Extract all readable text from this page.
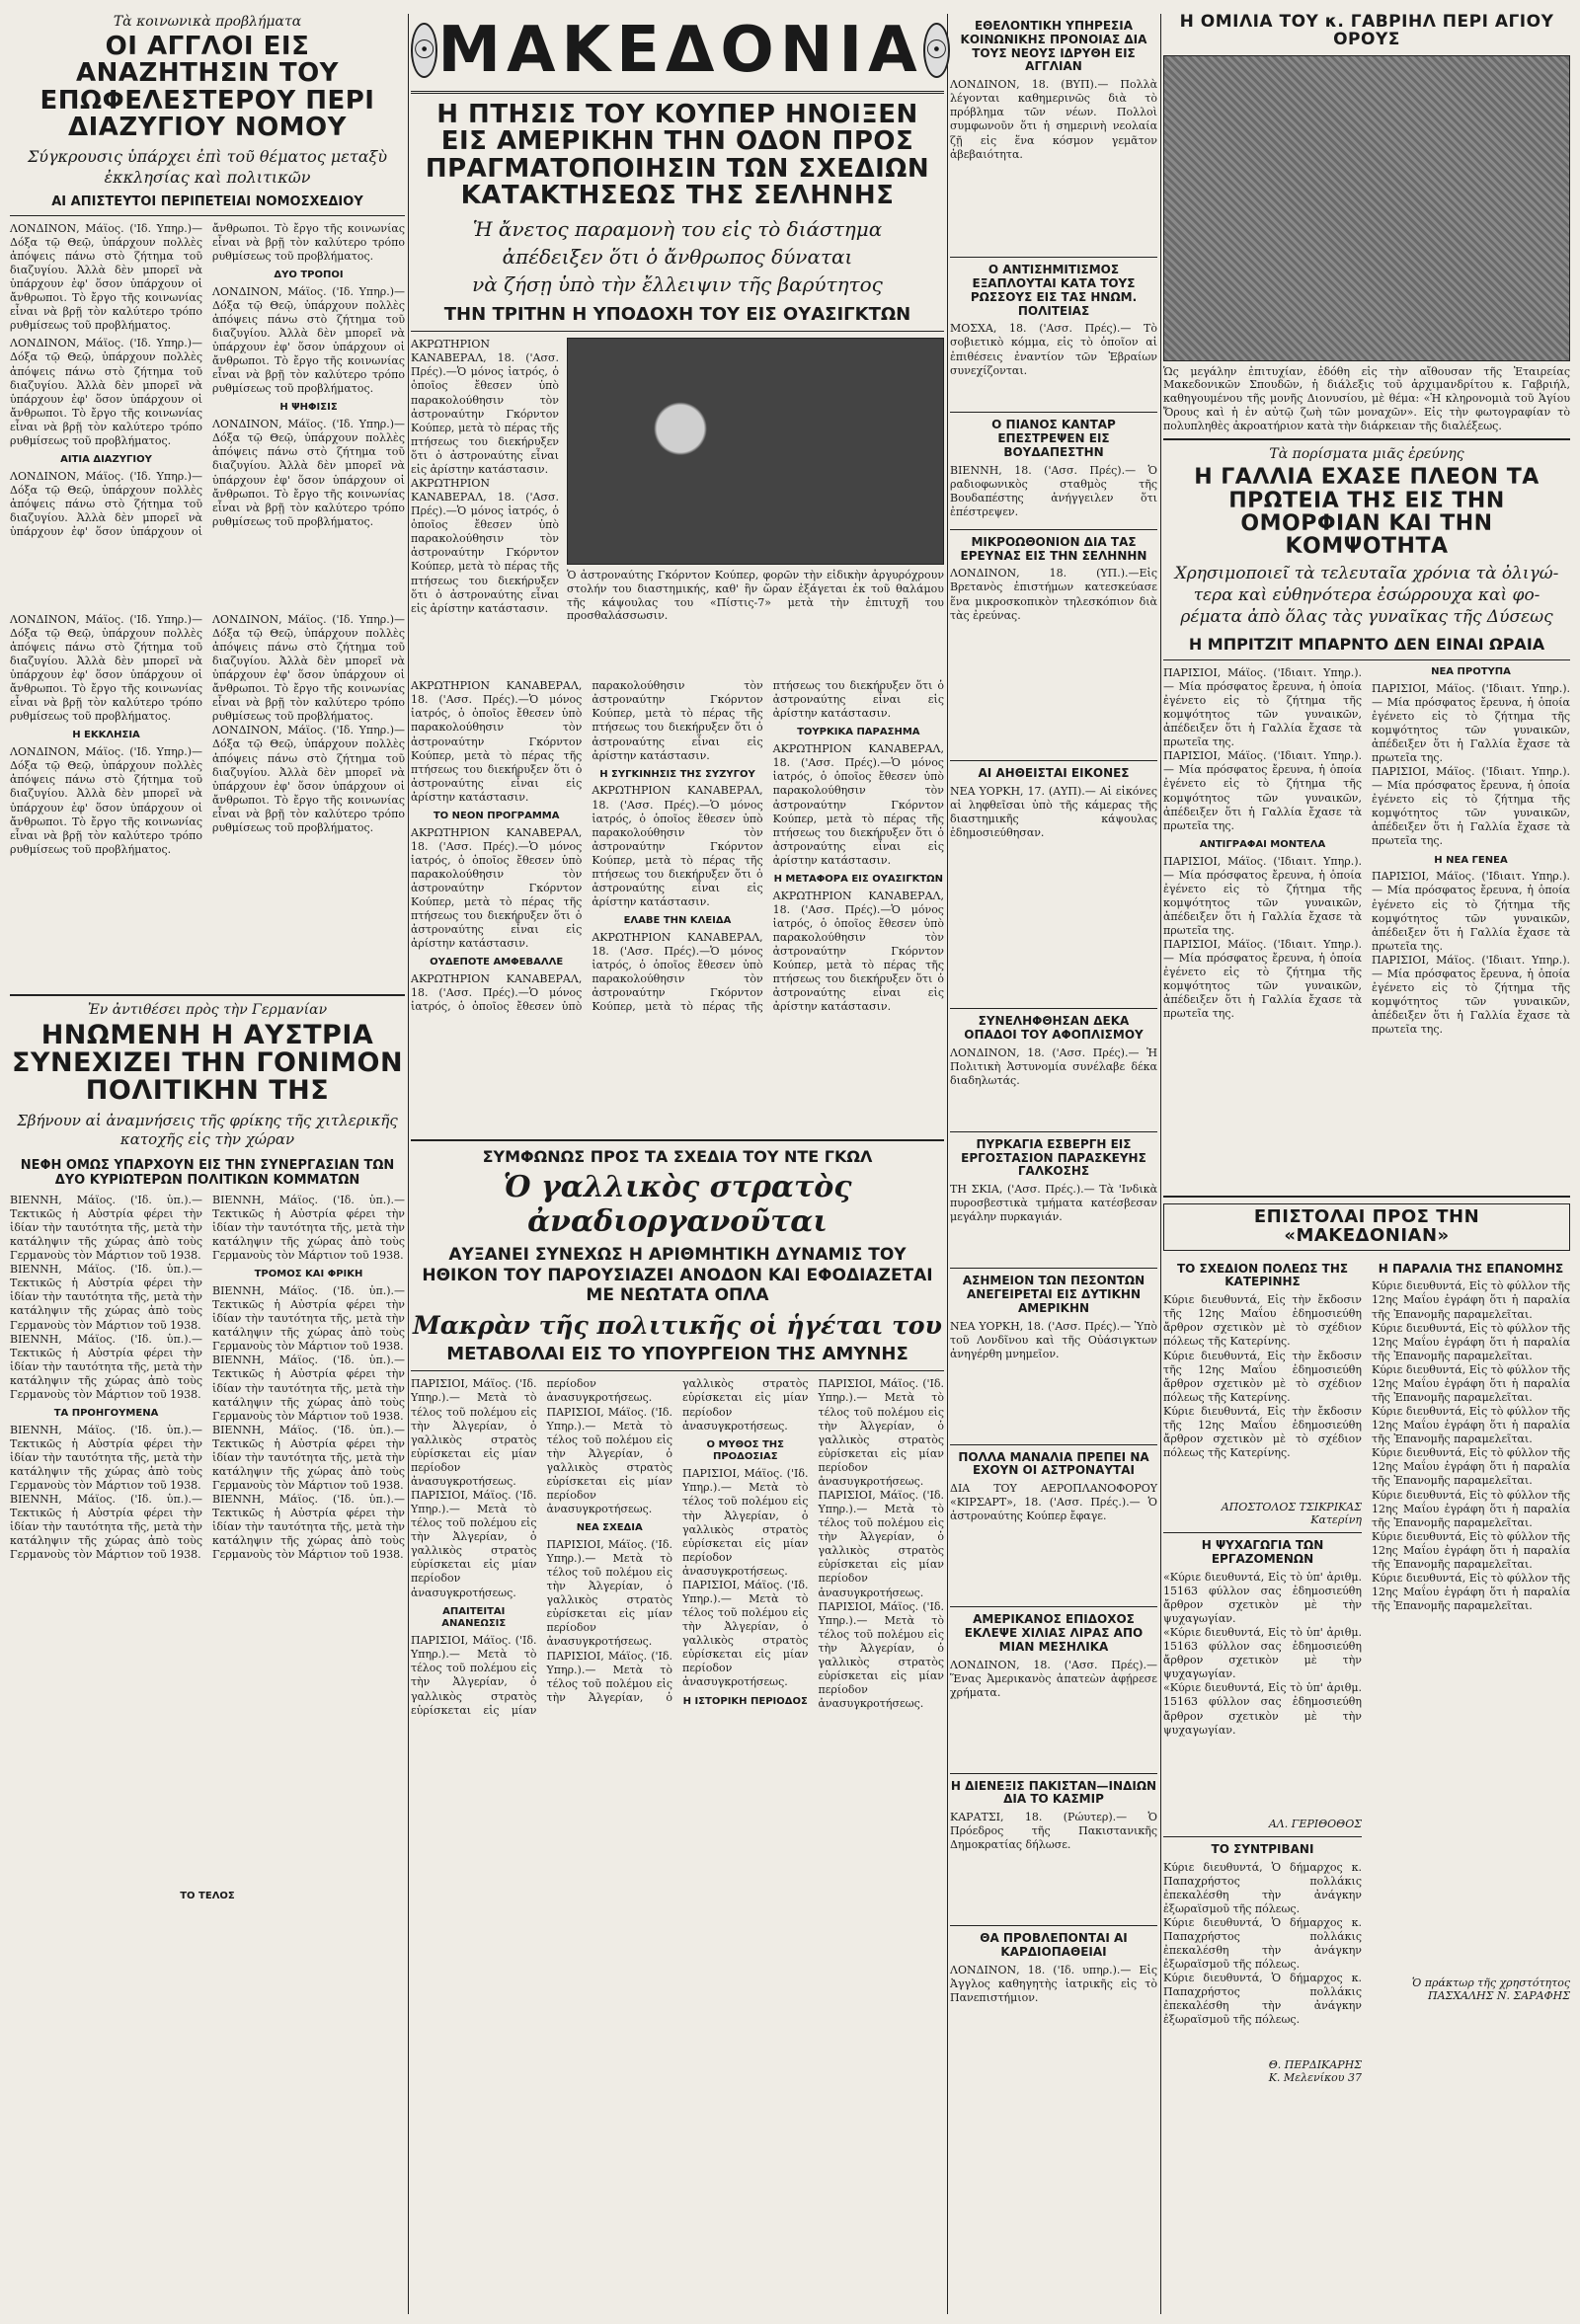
Τὰ κοινωνικὰ προβλήματα
ΟΙ ΑΓΓΛΟΙ ΕΙΣ ΑΝΑΖΗΤΗΣΙΝ ΤΟΥ ΕΠΩΦΕΛΕΣΤΕΡΟΥ ΠΕΡΙ ΔΙΑΖΥΓΙΟΥ ΝΟΜΟΥ
Σύγκρουσις ὑπάρχει ἐπὶ τοῦ θέματος μεταξὺ ἐκκλησίας καὶ πολιτικῶν
ΑΙ ΑΠΙΣΤΕΥΤΟΙ ΠΕΡΙΠΕΤΕΙΑΙ ΝΟΜΟΣΧΕΔΙΟΥ

ΛΟΝΔΙΝΟΝ, Μάϊος. ('Ιδ. Υπηρ.)— Δόξα τῷ Θεῷ, ὑπάρχουν πολλὲς ἀπόψεις πάνω στὸ ζήτημα τοῦ διαζυγίου. Ἀλλὰ δὲν μπορεῖ νὰ ὑπάρχουν ἐφ' ὅσον ὑπάρχουν οἱ ἄνθρωποι. Τὸ ἔργο τῆς κοινωνίας εἶναι νὰ βρῇ τὸν καλύτερο τρόπο ρυθμίσεως τοῦ προβλήματος.

ΛΟΝΔΙΝΟΝ, Μάϊος. ('Ιδ. Υπηρ.)— Δόξα τῷ Θεῷ, ὑπάρχουν πολλὲς ἀπόψεις πάνω στὸ ζήτημα τοῦ διαζυγίου. Ἀλλὰ δὲν μπορεῖ νὰ ὑπάρχουν ἐφ' ὅσον ὑπάρχουν οἱ ἄνθρωποι. Τὸ ἔργο τῆς κοινωνίας εἶναι νὰ βρῇ τὸν καλύτερο τρόπο ρυθμίσεως τοῦ προβλήματος.

ΑΙΤΙΑ ΔΙΑΖΥΓΙΟΥ

ΛΟΝΔΙΝΟΝ, Μάϊος. ('Ιδ. Υπηρ.)— Δόξα τῷ Θεῷ, ὑπάρχουν πολλὲς ἀπόψεις πάνω στὸ ζήτημα τοῦ διαζυγίου. Ἀλλὰ δὲν μπορεῖ νὰ ὑπάρχουν ἐφ' ὅσον ὑπάρχουν οἱ ἄνθρωποι. Τὸ ἔργο τῆς κοινωνίας εἶναι νὰ βρῇ τὸν καλύτερο τρόπο ρυθμίσεως τοῦ προβλήματος.

ΔΥΟ ΤΡΟΠΟΙ

ΛΟΝΔΙΝΟΝ, Μάϊος. ('Ιδ. Υπηρ.)— Δόξα τῷ Θεῷ, ὑπάρχουν πολλὲς ἀπόψεις πάνω στὸ ζήτημα τοῦ διαζυγίου. Ἀλλὰ δὲν μπορεῖ νὰ ὑπάρχουν ἐφ' ὅσον ὑπάρχουν οἱ ἄνθρωποι. Τὸ ἔργο τῆς κοινωνίας εἶναι νὰ βρῇ τὸν καλύτερο τρόπο ρυθμίσεως τοῦ προβλήματος.

Η ΨΗΦΙΣΙΣ

ΛΟΝΔΙΝΟΝ, Μάϊος. ('Ιδ. Υπηρ.)— Δόξα τῷ Θεῷ, ὑπάρχουν πολλὲς ἀπόψεις πάνω στὸ ζήτημα τοῦ διαζυγίου. Ἀλλὰ δὲν μπορεῖ νὰ ὑπάρχουν ἐφ' ὅσον ὑπάρχουν οἱ ἄνθρωποι. Τὸ ἔργο τῆς κοινωνίας εἶναι νὰ βρῇ τὸν καλύτερο τρόπο ρυθμίσεως τοῦ προβλήματος.

ΛΟΝΔΙΝΟΝ, Μάϊος. ('Ιδ. Υπηρ.)— Δόξα τῷ Θεῷ, ὑπάρχουν πολλὲς ἀπόψεις πάνω στὸ ζήτημα τοῦ διαζυγίου. Ἀλλὰ δὲν μπορεῖ νὰ ὑπάρχουν ἐφ' ὅσον ὑπάρχουν οἱ ἄνθρωποι. Τὸ ἔργο τῆς κοινωνίας εἶναι νὰ βρῇ τὸν καλύτερο τρόπο ρυθμίσεως τοῦ προβλήματος.

Η ΕΚΚΛΗΣΙΑ

ΛΟΝΔΙΝΟΝ, Μάϊος. ('Ιδ. Υπηρ.)— Δόξα τῷ Θεῷ, ὑπάρχουν πολλὲς ἀπόψεις πάνω στὸ ζήτημα τοῦ διαζυγίου. Ἀλλὰ δὲν μπορεῖ νὰ ὑπάρχουν ἐφ' ὅσον ὑπάρχουν οἱ ἄνθρωποι. Τὸ ἔργο τῆς κοινωνίας εἶναι νὰ βρῇ τὸν καλύτερο τρόπο ρυθμίσεως τοῦ προβλήματος.

ΛΟΝΔΙΝΟΝ, Μάϊος. ('Ιδ. Υπηρ.)— Δόξα τῷ Θεῷ, ὑπάρχουν πολλὲς ἀπόψεις πάνω στὸ ζήτημα τοῦ διαζυγίου. Ἀλλὰ δὲν μπορεῖ νὰ ὑπάρχουν ἐφ' ὅσον ὑπάρχουν οἱ ἄνθρωποι. Τὸ ἔργο τῆς κοινωνίας εἶναι νὰ βρῇ τὸν καλύτερο τρόπο ρυθμίσεως τοῦ προβλήματος.

ΛΟΝΔΙΝΟΝ, Μάϊος. ('Ιδ. Υπηρ.)— Δόξα τῷ Θεῷ, ὑπάρχουν πολλὲς ἀπόψεις πάνω στὸ ζήτημα τοῦ διαζυγίου. Ἀλλὰ δὲν μπορεῖ νὰ ὑπάρχουν ἐφ' ὅσον ὑπάρχουν οἱ ἄνθρωποι. Τὸ ἔργο τῆς κοινωνίας εἶναι νὰ βρῇ τὸν καλύτερο τρόπο ρυθμίσεως τοῦ προβλήματος.

Ἐν ἀντιθέσει πρὸς τὴν Γερμανίαν
ΗΝΩΜΕΝΗ Η ΑΥΣΤΡΙΑ ΣΥΝΕΧΙΖΕΙ ΤΗΝ ΓΟΝΙΜΟΝ ΠΟΛΙΤΙΚΗΝ ΤΗΣ
Σβήνουν αἱ ἀναμνήσεις τῆς φρίκης τῆς χιτλερικῆς κατοχῆς εἰς τὴν χώραν
ΝΕΦΗ ΟΜΩΣ ΥΠΑΡΧΟΥΝ ΕΙΣ ΤΗΝ ΣΥΝΕΡΓΑΣΙΑΝ ΤΩΝ ΔΥΟ ΚΥΡΙΩΤΕΡΩΝ ΠΟΛΙΤΙΚΩΝ ΚΟΜΜΑΤΩΝ

ΒΙΕΝΝΗ, Μάϊος. ('Ιδ. ὑπ.).—Τεκτικῶς ἡ Αὐστρία φέρει τὴν ἰδίαν τὴν ταυτότητα τῆς, μετὰ τὴν κατάληψιν τῆς χώρας ἀπὸ τοὺς Γερμανοὺς τὸν Μάρτιον τοῦ 1938.

ΒΙΕΝΝΗ, Μάϊος. ('Ιδ. ὑπ.).—Τεκτικῶς ἡ Αὐστρία φέρει τὴν ἰδίαν τὴν ταυτότητα τῆς, μετὰ τὴν κατάληψιν τῆς χώρας ἀπὸ τοὺς Γερμανοὺς τὸν Μάρτιον τοῦ 1938.

ΒΙΕΝΝΗ, Μάϊος. ('Ιδ. ὑπ.).—Τεκτικῶς ἡ Αὐστρία φέρει τὴν ἰδίαν τὴν ταυτότητα τῆς, μετὰ τὴν κατάληψιν τῆς χώρας ἀπὸ τοὺς Γερμανοὺς τὸν Μάρτιον τοῦ 1938.

ΤΑ ΠΡΟΗΓΟΥΜΕΝΑ

ΒΙΕΝΝΗ, Μάϊος. ('Ιδ. ὑπ.).—Τεκτικῶς ἡ Αὐστρία φέρει τὴν ἰδίαν τὴν ταυτότητα τῆς, μετὰ τὴν κατάληψιν τῆς χώρας ἀπὸ τοὺς Γερμανοὺς τὸν Μάρτιον τοῦ 1938.

ΒΙΕΝΝΗ, Μάϊος. ('Ιδ. ὑπ.).—Τεκτικῶς ἡ Αὐστρία φέρει τὴν ἰδίαν τὴν ταυτότητα τῆς, μετὰ τὴν κατάληψιν τῆς χώρας ἀπὸ τοὺς Γερμανοὺς τὸν Μάρτιον τοῦ 1938.

ΒΙΕΝΝΗ, Μάϊος. ('Ιδ. ὑπ.).—Τεκτικῶς ἡ Αὐστρία φέρει τὴν ἰδίαν τὴν ταυτότητα τῆς, μετὰ τὴν κατάληψιν τῆς χώρας ἀπὸ τοὺς Γερμανοὺς τὸν Μάρτιον τοῦ 1938.

ΤΡΟΜΟΣ ΚΑΙ ΦΡΙΚΗ

ΒΙΕΝΝΗ, Μάϊος. ('Ιδ. ὑπ.).—Τεκτικῶς ἡ Αὐστρία φέρει τὴν ἰδίαν τὴν ταυτότητα τῆς, μετὰ τὴν κατάληψιν τῆς χώρας ἀπὸ τοὺς Γερμανοὺς τὸν Μάρτιον τοῦ 1938.

ΒΙΕΝΝΗ, Μάϊος. ('Ιδ. ὑπ.).—Τεκτικῶς ἡ Αὐστρία φέρει τὴν ἰδίαν τὴν ταυτότητα τῆς, μετὰ τὴν κατάληψιν τῆς χώρας ἀπὸ τοὺς Γερμανοὺς τὸν Μάρτιον τοῦ 1938.

ΒΙΕΝΝΗ, Μάϊος. ('Ιδ. ὑπ.).—Τεκτικῶς ἡ Αὐστρία φέρει τὴν ἰδίαν τὴν ταυτότητα τῆς, μετὰ τὴν κατάληψιν τῆς χώρας ἀπὸ τοὺς Γερμανοὺς τὸν Μάρτιον τοῦ 1938.

ΒΙΕΝΝΗ, Μάϊος. ('Ιδ. ὑπ.).—Τεκτικῶς ἡ Αὐστρία φέρει τὴν ἰδίαν τὴν ταυτότητα τῆς, μετὰ τὴν κατάληψιν τῆς χώρας ἀπὸ τοὺς Γερμανοὺς τὸν Μάρτιον τοῦ 1938.

ΤΟ ΤΕΛΟΣ
☉ ΜΑΚΕΔΟΝΙΑ ☉
Η ΠΤΗΣΙΣ ΤΟΥ ΚΟΥΠΕΡ ΗΝΟΙΞΕΝ ΕΙΣ ΑΜΕΡΙΚΗΝ ΤΗΝ ΟΔΟΝ ΠΡΟΣ ΠΡΑΓΜΑΤΟΠΟΙΗΣΙΝ ΤΩΝ ΣΧΕΔΙΩΝ ΚΑΤΑΚΤΗΣΕΩΣ ΤΗΣ ΣΕΛΗΝΗΣ
Ἡ ἄνετος παραμονὴ του εἰς τὸ διάστημα
ἀπέδειξεν ὅτι ὁ ἄνθρωπος δύναται
νὰ ζήσῃ ὑπὸ τὴν ἔλλειψιν τῆς βαρύτητος
ΤΗΝ ΤΡΙΤΗΝ Η ΥΠΟΔΟΧΗ ΤΟΥ ΕΙΣ ΟΥΑΣΙΓΚΤΩΝ

ΑΚΡΩΤΗΡΙΟΝ ΚΑΝΑΒΕΡΑΛ, 18. ('Ασσ. Πρές).—Ὁ μόνος ἰατρός, ὁ ὁποῖος ἔθεσεν ὑπὸ παρακολούθησιν τὸν ἀστροναύτην Γκόρντον Κούπερ, μετὰ τὸ πέρας τῆς πτήσεως του διεκήρυξεν ὅτι ὁ ἀστροναύτης εἶναι εἰς ἀρίστην κατάστασιν.

ΑΚΡΩΤΗΡΙΟΝ ΚΑΝΑΒΕΡΑΛ, 18. ('Ασσ. Πρές).—Ὁ μόνος ἰατρός, ὁ ὁποῖος ἔθεσεν ὑπὸ παρακολούθησιν τὸν ἀστροναύτην Γκόρντον Κούπερ, μετὰ τὸ πέρας τῆς πτήσεως του διεκήρυξεν ὅτι ὁ ἀστροναύτης εἶναι εἰς ἀρίστην κατάστασιν.

Ὁ ἀστροναύτης Γκόρντον Κούπερ, φορῶν τὴν εἰδικὴν ἀργυρόχρουν στολήν του διαστημικής, καθ' ἣν ὥραν ἐξάγεται ἐκ τοῦ θαλάμου τῆς κάψουλας του «Πίστις-7» μετὰ τὴν ἐπιτυχῆ του προσθαλάσσωσιν.

ΑΚΡΩΤΗΡΙΟΝ ΚΑΝΑΒΕΡΑΛ, 18. ('Ασσ. Πρές).—Ὁ μόνος ἰατρός, ὁ ὁποῖος ἔθεσεν ὑπὸ παρακολούθησιν τὸν ἀστροναύτην Γκόρντον Κούπερ, μετὰ τὸ πέρας τῆς πτήσεως του διεκήρυξεν ὅτι ὁ ἀστροναύτης εἶναι εἰς ἀρίστην κατάστασιν.

ΤΟ ΝΕΟΝ ΠΡΟΓΡΑΜΜΑ

ΑΚΡΩΤΗΡΙΟΝ ΚΑΝΑΒΕΡΑΛ, 18. ('Ασσ. Πρές).—Ὁ μόνος ἰατρός, ὁ ὁποῖος ἔθεσεν ὑπὸ παρακολούθησιν τὸν ἀστροναύτην Γκόρντον Κούπερ, μετὰ τὸ πέρας τῆς πτήσεως του διεκήρυξεν ὅτι ὁ ἀστροναύτης εἶναι εἰς ἀρίστην κατάστασιν.

ΟΥΔΕΠΟΤΕ ΑΜΦΕΒΑΛΛΕ

ΑΚΡΩΤΗΡΙΟΝ ΚΑΝΑΒΕΡΑΛ, 18. ('Ασσ. Πρές).—Ὁ μόνος ἰατρός, ὁ ὁποῖος ἔθεσεν ὑπὸ παρακολούθησιν τὸν ἀστροναύτην Γκόρντον Κούπερ, μετὰ τὸ πέρας τῆς πτήσεως του διεκήρυξεν ὅτι ὁ ἀστροναύτης εἶναι εἰς ἀρίστην κατάστασιν.

Η ΣΥΓΚΙΝΗΣΙΣ ΤΗΣ ΣΥΖΥΓΟΥ

ΑΚΡΩΤΗΡΙΟΝ ΚΑΝΑΒΕΡΑΛ, 18. ('Ασσ. Πρές).—Ὁ μόνος ἰατρός, ὁ ὁποῖος ἔθεσεν ὑπὸ παρακολούθησιν τὸν ἀστροναύτην Γκόρντον Κούπερ, μετὰ τὸ πέρας τῆς πτήσεως του διεκήρυξεν ὅτι ὁ ἀστροναύτης εἶναι εἰς ἀρίστην κατάστασιν.

ΕΛΑΒΕ ΤΗΝ ΚΛΕΙΔΑ

ΑΚΡΩΤΗΡΙΟΝ ΚΑΝΑΒΕΡΑΛ, 18. ('Ασσ. Πρές).—Ὁ μόνος ἰατρός, ὁ ὁποῖος ἔθεσεν ὑπὸ παρακολούθησιν τὸν ἀστροναύτην Γκόρντον Κούπερ, μετὰ τὸ πέρας τῆς πτήσεως του διεκήρυξεν ὅτι ὁ ἀστροναύτης εἶναι εἰς ἀρίστην κατάστασιν.

ΤΟΥΡΚΙΚΑ ΠΑΡΑΣΗΜΑ

ΑΚΡΩΤΗΡΙΟΝ ΚΑΝΑΒΕΡΑΛ, 18. ('Ασσ. Πρές).—Ὁ μόνος ἰατρός, ὁ ὁποῖος ἔθεσεν ὑπὸ παρακολούθησιν τὸν ἀστροναύτην Γκόρντον Κούπερ, μετὰ τὸ πέρας τῆς πτήσεως του διεκήρυξεν ὅτι ὁ ἀστροναύτης εἶναι εἰς ἀρίστην κατάστασιν.

Η ΜΕΤΑΦΟΡΑ ΕΙΣ ΟΥΑΣΙΓΚΤΩΝ

ΑΚΡΩΤΗΡΙΟΝ ΚΑΝΑΒΕΡΑΛ, 18. ('Ασσ. Πρές).—Ὁ μόνος ἰατρός, ὁ ὁποῖος ἔθεσεν ὑπὸ παρακολούθησιν τὸν ἀστροναύτην Γκόρντον Κούπερ, μετὰ τὸ πέρας τῆς πτήσεως του διεκήρυξεν ὅτι ὁ ἀστροναύτης εἶναι εἰς ἀρίστην κατάστασιν.

ΣΥΜΦΩΝΩΣ ΠΡΟΣ ΤΑ ΣΧΕΔΙΑ ΤΟΥ ΝΤΕ ΓΚΩΛ
Ὁ γαλλικὸς στρατὸς ἀναδιοργανοῦται
ΑΥΞΑΝΕΙ ΣΥΝΕΧΩΣ Η ΑΡΙΘΜΗΤΙΚΗ ΔΥΝΑΜΙΣ ΤΟΥ ΗΘΙΚΟΝ ΤΟΥ ΠΑΡΟΥΣΙΑΖΕΙ ΑΝΟΔΟΝ ΚΑΙ ΕΦΟΔΙΑΖΕΤΑΙ ΜΕ ΝΕΩΤΑΤΑ ΟΠΛΑ
Μακρὰν τῆς πολιτικῆς οἱ ἡγέται του
ΜΕΤΑΒΟΛΑΙ ΕΙΣ ΤΟ ΥΠΟΥΡΓΕΙΟΝ ΤΗΣ ΑΜΥΝΗΣ

ΠΑΡΙΣΙΟΙ, Μάϊος. ('Ιδ. Υπηρ.).— Μετὰ τὸ τέλος τοῦ πολέμου εἰς τὴν Ἀλγερίαν, ὁ γαλλικὸς στρατὸς εὑρίσκεται εἰς μίαν περίοδον ἀνασυγκροτήσεως.

ΠΑΡΙΣΙΟΙ, Μάϊος. ('Ιδ. Υπηρ.).— Μετὰ τὸ τέλος τοῦ πολέμου εἰς τὴν Ἀλγερίαν, ὁ γαλλικὸς στρατὸς εὑρίσκεται εἰς μίαν περίοδον ἀνασυγκροτήσεως.

ΑΠΑΙΤΕΙΤΑΙ ΑΝΑΝΕΩΣΙΣ

ΠΑΡΙΣΙΟΙ, Μάϊος. ('Ιδ. Υπηρ.).— Μετὰ τὸ τέλος τοῦ πολέμου εἰς τὴν Ἀλγερίαν, ὁ γαλλικὸς στρατὸς εὑρίσκεται εἰς μίαν περίοδον ἀνασυγκροτήσεως.

ΠΑΡΙΣΙΟΙ, Μάϊος. ('Ιδ. Υπηρ.).— Μετὰ τὸ τέλος τοῦ πολέμου εἰς τὴν Ἀλγερίαν, ὁ γαλλικὸς στρατὸς εὑρίσκεται εἰς μίαν περίοδον ἀνασυγκροτήσεως.

ΝΕΑ ΣΧΕΔΙΑ

ΠΑΡΙΣΙΟΙ, Μάϊος. ('Ιδ. Υπηρ.).— Μετὰ τὸ τέλος τοῦ πολέμου εἰς τὴν Ἀλγερίαν, ὁ γαλλικὸς στρατὸς εὑρίσκεται εἰς μίαν περίοδον ἀνασυγκροτήσεως.

ΠΑΡΙΣΙΟΙ, Μάϊος. ('Ιδ. Υπηρ.).— Μετὰ τὸ τέλος τοῦ πολέμου εἰς τὴν Ἀλγερίαν, ὁ γαλλικὸς στρατὸς εὑρίσκεται εἰς μίαν περίοδον ἀνασυγκροτήσεως.

Ο ΜΥΘΟΣ ΤΗΣ ΠΡΟΔΟΣΙΑΣ

ΠΑΡΙΣΙΟΙ, Μάϊος. ('Ιδ. Υπηρ.).— Μετὰ τὸ τέλος τοῦ πολέμου εἰς τὴν Ἀλγερίαν, ὁ γαλλικὸς στρατὸς εὑρίσκεται εἰς μίαν περίοδον ἀνασυγκροτήσεως.

ΠΑΡΙΣΙΟΙ, Μάϊος. ('Ιδ. Υπηρ.).— Μετὰ τὸ τέλος τοῦ πολέμου εἰς τὴν Ἀλγερίαν, ὁ γαλλικὸς στρατὸς εὑρίσκεται εἰς μίαν περίοδον ἀνασυγκροτήσεως.

Η ΙΣΤΟΡΙΚΗ ΠΕΡΙΟΔΟΣ

ΠΑΡΙΣΙΟΙ, Μάϊος. ('Ιδ. Υπηρ.).— Μετὰ τὸ τέλος τοῦ πολέμου εἰς τὴν Ἀλγερίαν, ὁ γαλλικὸς στρατὸς εὑρίσκεται εἰς μίαν περίοδον ἀνασυγκροτήσεως.

ΠΑΡΙΣΙΟΙ, Μάϊος. ('Ιδ. Υπηρ.).— Μετὰ τὸ τέλος τοῦ πολέμου εἰς τὴν Ἀλγερίαν, ὁ γαλλικὸς στρατὸς εὑρίσκεται εἰς μίαν περίοδον ἀνασυγκροτήσεως.

ΠΑΡΙΣΙΟΙ, Μάϊος. ('Ιδ. Υπηρ.).— Μετὰ τὸ τέλος τοῦ πολέμου εἰς τὴν Ἀλγερίαν, ὁ γαλλικὸς στρατὸς εὑρίσκεται εἰς μίαν περίοδον ἀνασυγκροτήσεως.

ΕΘΕΛΟΝΤΙΚΗ ΥΠΗΡΕΣΙΑ ΚΟΙΝΩΝΙΚΗΣ ΠΡΟΝΟΙΑΣ ΔΙΑ ΤΟΥΣ ΝΕΟΥΣ ΙΔΡΥΘΗ ΕΙΣ ΑΓΓΛΙΑΝ

ΛΟΝΔΙΝΟΝ, 18. (ΒΥΠ).— Πολλὰ λέγονται καθημερινῶς διὰ τὸ πρόβλημα τῶν νέων. Πολλοὶ συμφωνοῦν ὅτι ἡ σημερινὴ νεολαία ζῇ εἰς ἕνα κόσμον γεμᾶτον ἀβεβαιότητα.

Ο ΑΝΤΙΣΗΜΙΤΙΣΜΟΣ ΕΞΑΠΛΟΥΤΑΙ ΚΑΤΑ ΤΟΥΣ ΡΩΣΣΟΥΣ ΕΙΣ ΤΑΣ ΗΝΩΜ. ΠΟΛΙΤΕΙΑΣ

ΜΟΣΧΑ, 18. ('Ασσ. Πρές).— Τὸ σοβιετικὸ κόμμα, εἰς τὸ ὁποῖον αἱ ἐπιθέσεις ἐναντίον τῶν Ἑβραίων συνεχίζονται.

Ο ΠΙΑΝΟΣ ΚΑΝΤΑΡ ΕΠΕΣΤΡΕΨΕΝ ΕΙΣ ΒΟΥΔΑΠΕΣΤΗΝ

ΒΙΕΝΝΗ, 18. ('Ασσ. Πρές).— Ὁ ραδιοφωνικὸς σταθμὸς τῆς Βουδαπέστης ἀνήγγειλεν ὅτι ἐπέστρεψεν.

ΜΙΚΡΟΩΘΟΝΙΟΝ ΔΙΑ ΤΑΣ ΕΡΕΥΝΑΣ ΕΙΣ ΤΗΝ ΣΕΛΗΝΗΝ

ΛΟΝΔΙΝΟΝ, 18. (ΥΠ.).—Εἰς Βρετανὸς ἐπιστήμων κατεσκεύασε ἕνα μικροσκοπικὸν τηλεσκόπιον διὰ τὰς ἐρεύνας.

ΑΙ ΑΗΘΕΙΣΤΑΙ ΕΙΚΟΝΕΣ

ΝΕΑ ΥΟΡΚΗ, 17. (ΑΥΠ).— Αἱ εἰκόνες αἱ ληφθεῖσαι ὑπὸ τῆς κάμερας τῆς διαστημικῆς κάψουλας ἐδημοσιεύθησαν.

ΣΥΝΕΛΗΦΘΗΣΑΝ ΔΕΚΑ ΟΠΑΔΟΙ ΤΟΥ ΑΦΟΠΛΙΣΜΟΥ

ΛΟΝΔΙΝΟΝ, 18. ('Ασσ. Πρές).— Ἡ Πολιτικὴ Ἀστυνομία συνέλαβε δέκα διαδηλωτάς.

ΠΥΡΚΑΓΙΑ ΕΣΒΕΡΓΗ ΕΙΣ ΕΡΓΟΣΤΑΣΙΟΝ ΠΑΡΑΣΚΕΥΗΣ ΓΑΛΚΟΣΗΣ

ΤΗ ΣΚΙΑ, ('Ασσ. Πρές.).— Τὰ 'Ινδικὰ πυροσβεστικὰ τμήματα κατέσβεσαν μεγάλην πυρκαγιάν.

ΑΣΗΜΕΙΟΝ ΤΩΝ ΠΕΣΟΝΤΩΝ ΑΝΕΓΕΙΡΕΤΑΙ ΕΙΣ ΔΥΤΙΚΗΝ ΑΜΕΡΙΚΗΝ

ΝΕΑ ΥΟΡΚΗ, 18. ('Ασσ. Πρές).— Ὑπὸ τοῦ Λονδῖνου καὶ τῆς Οὐάσιγκτων ἀνηγέρθη μνημεῖον.

ΠΟΛΛΑ ΜΑΝΑΛΙΑ ΠΡΕΠΕΙ ΝΑ ΕΧΟΥΝ ΟΙ ΑΣΤΡΟΝΑΥΤΑΙ

ΔΙΑ ΤΟΥ ΑΕΡΟΠΛΑΝΟΦΟΡΟΥ «ΚΙΡΣΑΡΤ», 18. ('Ασσ. Πρές.).— Ὁ ἀστροναύτης Κούπερ ἔφαγε.

ΑΜΕΡΙΚΑΝΟΣ ΕΠΙΔΟΧΟΣ ΕΚΛΕΨΕ ΧΙΛΙΑΣ ΛΙΡΑΣ ΑΠΟ ΜΙΑΝ ΜΕΣΗΛΙΚΑ

ΛΟΝΔΙΝΟΝ, 18. ('Ασσ. Πρές).— Ἕνας Ἀμερικανὸς ἀπατεὼν ἀφῄρεσε χρήματα.

Η ΔΙΕΝΕΞΙΣ ΠΑΚΙΣΤΑΝ—ΙΝΔΙΩΝ ΔΙΑ ΤΟ ΚΑΣΜΙΡ

ΚΑΡΑΤΣΙ, 18. (Ρώυτερ).— Ὁ Πρόεδρος τῆς Πακιστανικῆς Δημοκρατίας δήλωσε.

ΘΑ ΠΡΟΒΛΕΠΟΝΤΑΙ ΑΙ ΚΑΡΔΙΟΠΑΘΕΙΑΙ

ΛΟΝΔΙΝΟΝ, 18. ('Ιδ. υπηρ.).— Εἰς Ἀγγλος καθηγητὴς ἰατρικῆς εἰς τὸ Πανεπιστήμιον.

Η ΟΜΙΛΙΑ ΤΟΥ κ. ΓΑΒΡΙΗΛ ΠΕΡΙ ΑΓΙΟΥ ΟΡΟΥΣ
Ὡς μεγάλην ἐπιτυχίαν, ἐδόθη εἰς τὴν αἴθουσαν τῆς Ἑταιρείας Μακεδονικῶν Σπουδῶν, ἡ διάλεξις τοῦ ἀρχιμανδρίτου κ. Γαβριήλ, καθηγουμένου τῆς μονῆς Διονυσίου, μὲ θέμα: «Ἡ κληρονομιὰ τοῦ Ἁγίου Ὄρους καὶ ἡ ἐν αὐτῷ ζωὴ τῶν μοναχῶν». Εἰς τὴν φωτογραφίαν τὸ πολυπληθὲς ἀκροατήριον κατὰ τὴν διάρκειαν τῆς διαλέξεως.
Τὰ πορίσματα μιᾶς ἐρεύνης
Η ΓΑΛΛΙΑ ΕΧΑΣΕ ΠΛΕΟΝ ΤΑ ΠΡΩΤΕΙΑ ΤΗΣ ΕΙΣ ΤΗΝ ΟΜΟΡΦΙΑΝ ΚΑΙ ΤΗΝ ΚΟΜΨΟΤΗΤΑ
Χρησιμοποιεῖ τὰ τελευταῖα χρόνια τὰ ὀλιγώ-
τερα καὶ εὐθηνότερα ἐσώρρουχα καὶ φο-
ρέματα ἀπὸ ὅλας τὰς γυναῖκας τῆς Δύσεως
Η ΜΠΡΙΤΖΙΤ ΜΠΑΡΝΤΟ ΔΕΝ ΕΙΝΑΙ ΩΡΑΙΑ

ΠΑΡΙΣΙΟΙ, Μάϊος. ('Ιδιαιτ. Υπηρ.).— Μία πρόσφατος ἔρευνα, ἡ ὁποία ἐγένετο εἰς τὸ ζήτημα τῆς κομψότητος τῶν γυναικῶν, ἀπέδειξεν ὅτι ἡ Γαλλία ἔχασε τὰ πρωτεῖα της.

ΠΑΡΙΣΙΟΙ, Μάϊος. ('Ιδιαιτ. Υπηρ.).— Μία πρόσφατος ἔρευνα, ἡ ὁποία ἐγένετο εἰς τὸ ζήτημα τῆς κομψότητος τῶν γυναικῶν, ἀπέδειξεν ὅτι ἡ Γαλλία ἔχασε τὰ πρωτεῖα της.

ΑΝΤΙΓΡΑΦΑΙ ΜΟΝΤΕΛΑ

ΠΑΡΙΣΙΟΙ, Μάϊος. ('Ιδιαιτ. Υπηρ.).— Μία πρόσφατος ἔρευνα, ἡ ὁποία ἐγένετο εἰς τὸ ζήτημα τῆς κομψότητος τῶν γυναικῶν, ἀπέδειξεν ὅτι ἡ Γαλλία ἔχασε τὰ πρωτεῖα της.

ΠΑΡΙΣΙΟΙ, Μάϊος. ('Ιδιαιτ. Υπηρ.).— Μία πρόσφατος ἔρευνα, ἡ ὁποία ἐγένετο εἰς τὸ ζήτημα τῆς κομψότητος τῶν γυναικῶν, ἀπέδειξεν ὅτι ἡ Γαλλία ἔχασε τὰ πρωτεῖα της.

ΝΕΑ ΠΡΟΤΥΠΑ

ΠΑΡΙΣΙΟΙ, Μάϊος. ('Ιδιαιτ. Υπηρ.).— Μία πρόσφατος ἔρευνα, ἡ ὁποία ἐγένετο εἰς τὸ ζήτημα τῆς κομψότητος τῶν γυναικῶν, ἀπέδειξεν ὅτι ἡ Γαλλία ἔχασε τὰ πρωτεῖα της.

ΠΑΡΙΣΙΟΙ, Μάϊος. ('Ιδιαιτ. Υπηρ.).— Μία πρόσφατος ἔρευνα, ἡ ὁποία ἐγένετο εἰς τὸ ζήτημα τῆς κομψότητος τῶν γυναικῶν, ἀπέδειξεν ὅτι ἡ Γαλλία ἔχασε τὰ πρωτεῖα της.

Η ΝΕΑ ΓΕΝΕΑ

ΠΑΡΙΣΙΟΙ, Μάϊος. ('Ιδιαιτ. Υπηρ.).— Μία πρόσφατος ἔρευνα, ἡ ὁποία ἐγένετο εἰς τὸ ζήτημα τῆς κομψότητος τῶν γυναικῶν, ἀπέδειξεν ὅτι ἡ Γαλλία ἔχασε τὰ πρωτεῖα της.

ΠΑΡΙΣΙΟΙ, Μάϊος. ('Ιδιαιτ. Υπηρ.).— Μία πρόσφατος ἔρευνα, ἡ ὁποία ἐγένετο εἰς τὸ ζήτημα τῆς κομψότητος τῶν γυναικῶν, ἀπέδειξεν ὅτι ἡ Γαλλία ἔχασε τὰ πρωτεῖα της.

ΕΠΙΣΤΟΛΑΙ ΠΡΟΣ ΤΗΝ «ΜΑΚΕΔΟΝΙΑΝ»
ΤΟ ΣΧΕΔΙΟΝ ΠΟΛΕΩΣ ΤΗΣ ΚΑΤΕΡΙΝΗΣ

Κύριε διευθυντά, Εἰς τὴν ἔκδοσιν τῆς 12ης Μαΐου ἐδημοσιεύθη ἄρθρον σχετικὸν μὲ τὸ σχέδιον πόλεως τῆς Κατερίνης.

Κύριε διευθυντά, Εἰς τὴν ἔκδοσιν τῆς 12ης Μαΐου ἐδημοσιεύθη ἄρθρον σχετικὸν μὲ τὸ σχέδιον πόλεως τῆς Κατερίνης.

Κύριε διευθυντά, Εἰς τὴν ἔκδοσιν τῆς 12ης Μαΐου ἐδημοσιεύθη ἄρθρον σχετικὸν μὲ τὸ σχέδιον πόλεως τῆς Κατερίνης.

ΑΠΟΣΤΟΛΟΣ ΤΣΙΚΡΙΚΑΣ
Κατερίνη
Η ΨΥΧΑΓΩΓΙΑ ΤΩΝ ΕΡΓΑΖΟΜΕΝΩΝ

«Κύριε διευθυντά, Εἰς τὸ ὑπ' ἀριθμ. 15163 φύλλον σας ἐδημοσιεύθη ἄρθρον σχετικὸν μὲ τὴν ψυχαγωγίαν.

«Κύριε διευθυντά, Εἰς τὸ ὑπ' ἀριθμ. 15163 φύλλον σας ἐδημοσιεύθη ἄρθρον σχετικὸν μὲ τὴν ψυχαγωγίαν.

«Κύριε διευθυντά, Εἰς τὸ ὑπ' ἀριθμ. 15163 φύλλον σας ἐδημοσιεύθη ἄρθρον σχετικὸν μὲ τὴν ψυχαγωγίαν.

ΑΛ. ΓΕΡΙΘΟΘΟΣ
ΤΟ ΣΥΝΤΡΙΒΑΝΙ

Κύριε διευθυντά, Ὁ δήμαρχος κ. Παπαχρήστος πολλάκις ἐπεκαλέσθη τὴν ἀνάγκην ἐξωραϊσμοῦ τῆς πόλεως.

Κύριε διευθυντά, Ὁ δήμαρχος κ. Παπαχρήστος πολλάκις ἐπεκαλέσθη τὴν ἀνάγκην ἐξωραϊσμοῦ τῆς πόλεως.

Κύριε διευθυντά, Ὁ δήμαρχος κ. Παπαχρήστος πολλάκις ἐπεκαλέσθη τὴν ἀνάγκην ἐξωραϊσμοῦ τῆς πόλεως.

Θ. ΠΕΡΔΙΚΑΡΗΣ
Κ. Μελενίκου 37
Η ΠΑΡΑΛΙΑ ΤΗΣ ΕΠΑΝΟΜΗΣ

Κύριε διευθυντά, Εἰς τὸ φύλλον τῆς 12ης Μαΐου ἐγράφη ὅτι ἡ παραλία τῆς Ἐπανομῆς παραμελεῖται.

Κύριε διευθυντά, Εἰς τὸ φύλλον τῆς 12ης Μαΐου ἐγράφη ὅτι ἡ παραλία τῆς Ἐπανομῆς παραμελεῖται.

Κύριε διευθυντά, Εἰς τὸ φύλλον τῆς 12ης Μαΐου ἐγράφη ὅτι ἡ παραλία τῆς Ἐπανομῆς παραμελεῖται.

Κύριε διευθυντά, Εἰς τὸ φύλλον τῆς 12ης Μαΐου ἐγράφη ὅτι ἡ παραλία τῆς Ἐπανομῆς παραμελεῖται.

Κύριε διευθυντά, Εἰς τὸ φύλλον τῆς 12ης Μαΐου ἐγράφη ὅτι ἡ παραλία τῆς Ἐπανομῆς παραμελεῖται.

Κύριε διευθυντά, Εἰς τὸ φύλλον τῆς 12ης Μαΐου ἐγράφη ὅτι ἡ παραλία τῆς Ἐπανομῆς παραμελεῖται.

Κύριε διευθυντά, Εἰς τὸ φύλλον τῆς 12ης Μαΐου ἐγράφη ὅτι ἡ παραλία τῆς Ἐπανομῆς παραμελεῖται.

Κύριε διευθυντά, Εἰς τὸ φύλλον τῆς 12ης Μαΐου ἐγράφη ὅτι ἡ παραλία τῆς Ἐπανομῆς παραμελεῖται.

Ὁ πράκτωρ τῆς χρηστότητος
ΠΑΣΧΑΛΗΣ Ν. ΣΑΡΑΦΗΣ
